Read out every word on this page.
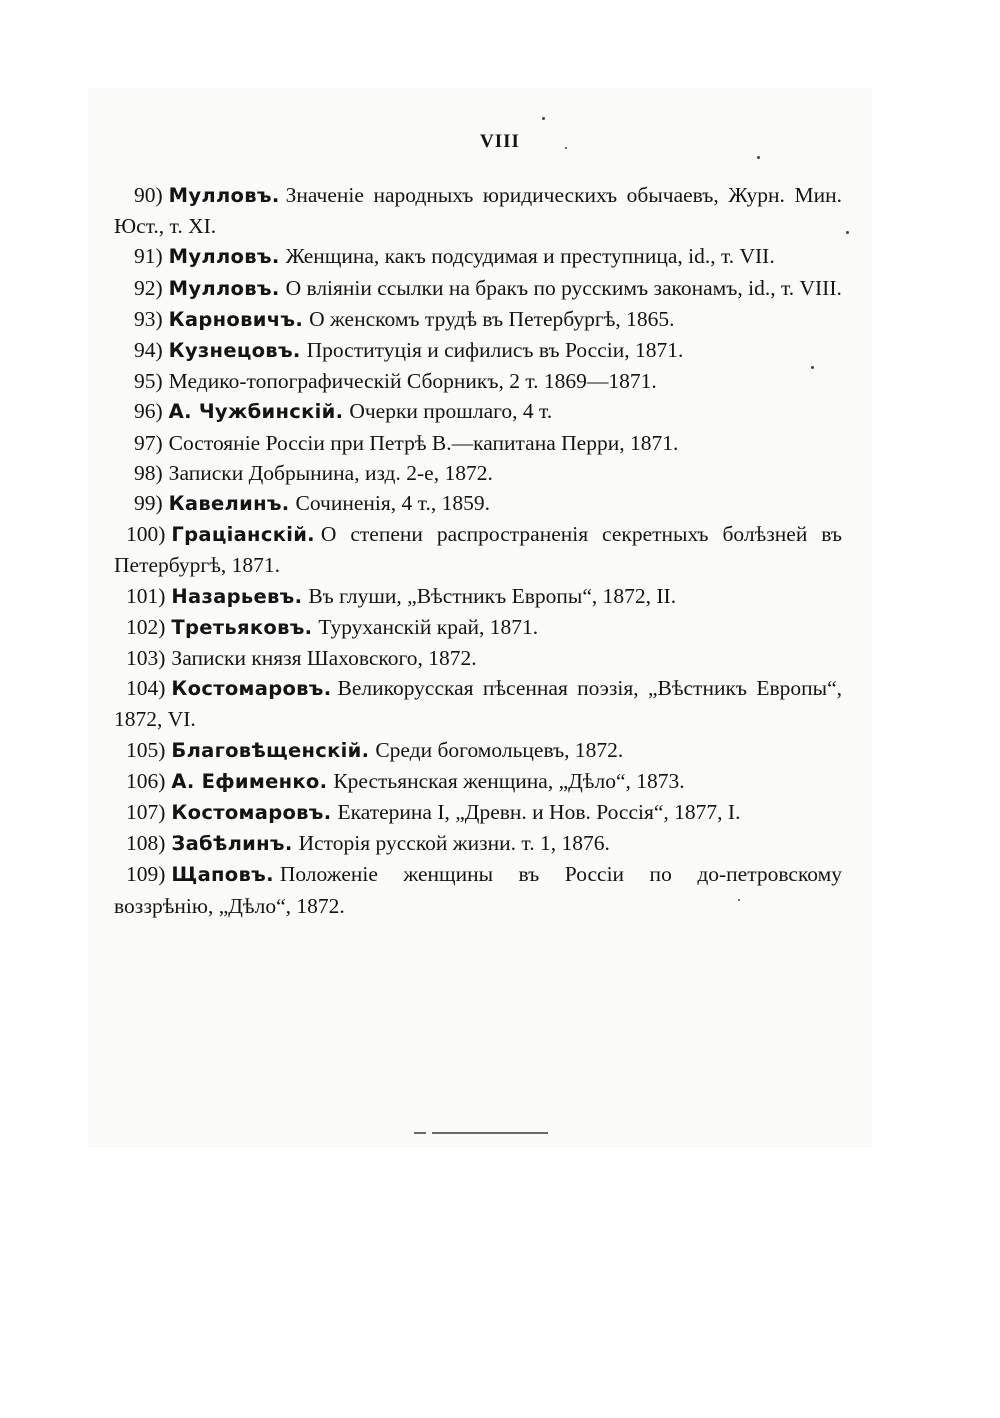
VIII
90) Мулловъ. Значеніе народныхъ юридическихъ обычаевъ, Журн. Мин. Юст., т. XI.
91) Мулловъ. Женщина, какъ подсудимая и преступница, id., т. VII.
92) Мулловъ. О вліяніи ссылки на бракъ по русскимъ законамъ, id., т. VIII.
93) Карновичъ. О женскомъ трудѣ въ Петербургѣ, 1865.
94) Кузнецовъ. Проституція и сифилисъ въ Россіи, 1871.
95) Медико-топографическій Сборникъ, 2 т. 1869—1871.
96) А. Чужбинскій. Очерки прошлаго, 4 т.
97) Состояніе Россіи при Петрѣ В.—капитана Перри, 1871.
98) Записки Добрынина, изд. 2-е, 1872.
99) Кавелинъ. Сочиненія, 4 т., 1859.
100) Граціанскій. О степени распространенія секретныхъ болѣзней въ Петербургѣ, 1871.
101) Назарьевъ. Въ глуши, „Вѣстникъ Европы“, 1872, II.
102) Третьяковъ. Туруханскій край, 1871.
103) Записки князя Шаховского, 1872.
104) Костомаровъ. Великорусская пѣсенная поэзія, „Вѣстникъ Европы“, 1872, VI.
105) Благовѣщенскій. Среди богомольцевъ, 1872.
106) А. Ефименко. Крестьянская женщина, „Дѣло“, 1873.
107) Костомаровъ. Екатерина I, „Древн. и Нов. Россія“, 1877, I.
108) Забѣлинъ. Исторія русской жизни. т. 1, 1876.
109) Щаповъ. Положеніе женщины въ Россіи по до-петровскому воззрѣнію, „Дѣло“, 1872.
